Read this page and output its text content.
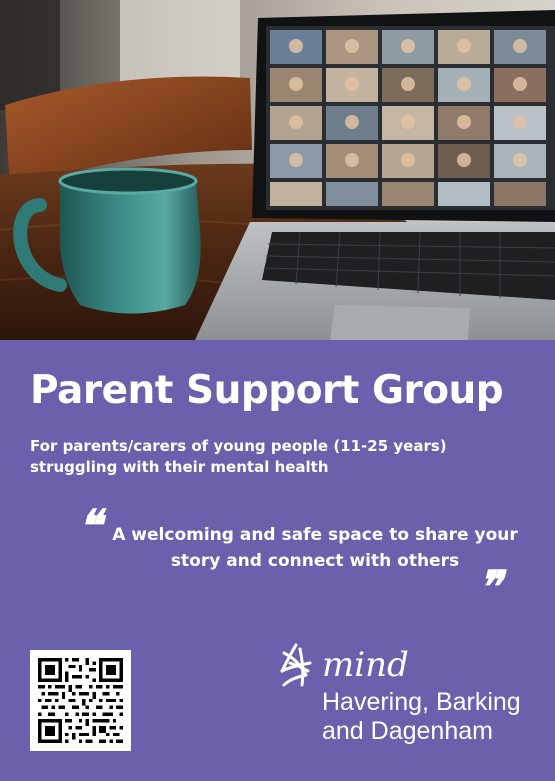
Parent Support Group

For parents/carers of young people (11-25 years) struggling with their mental health

❝ A welcoming and safe space to share your story and connect with others

❞
mind

Havering, Barking and Dagenham
